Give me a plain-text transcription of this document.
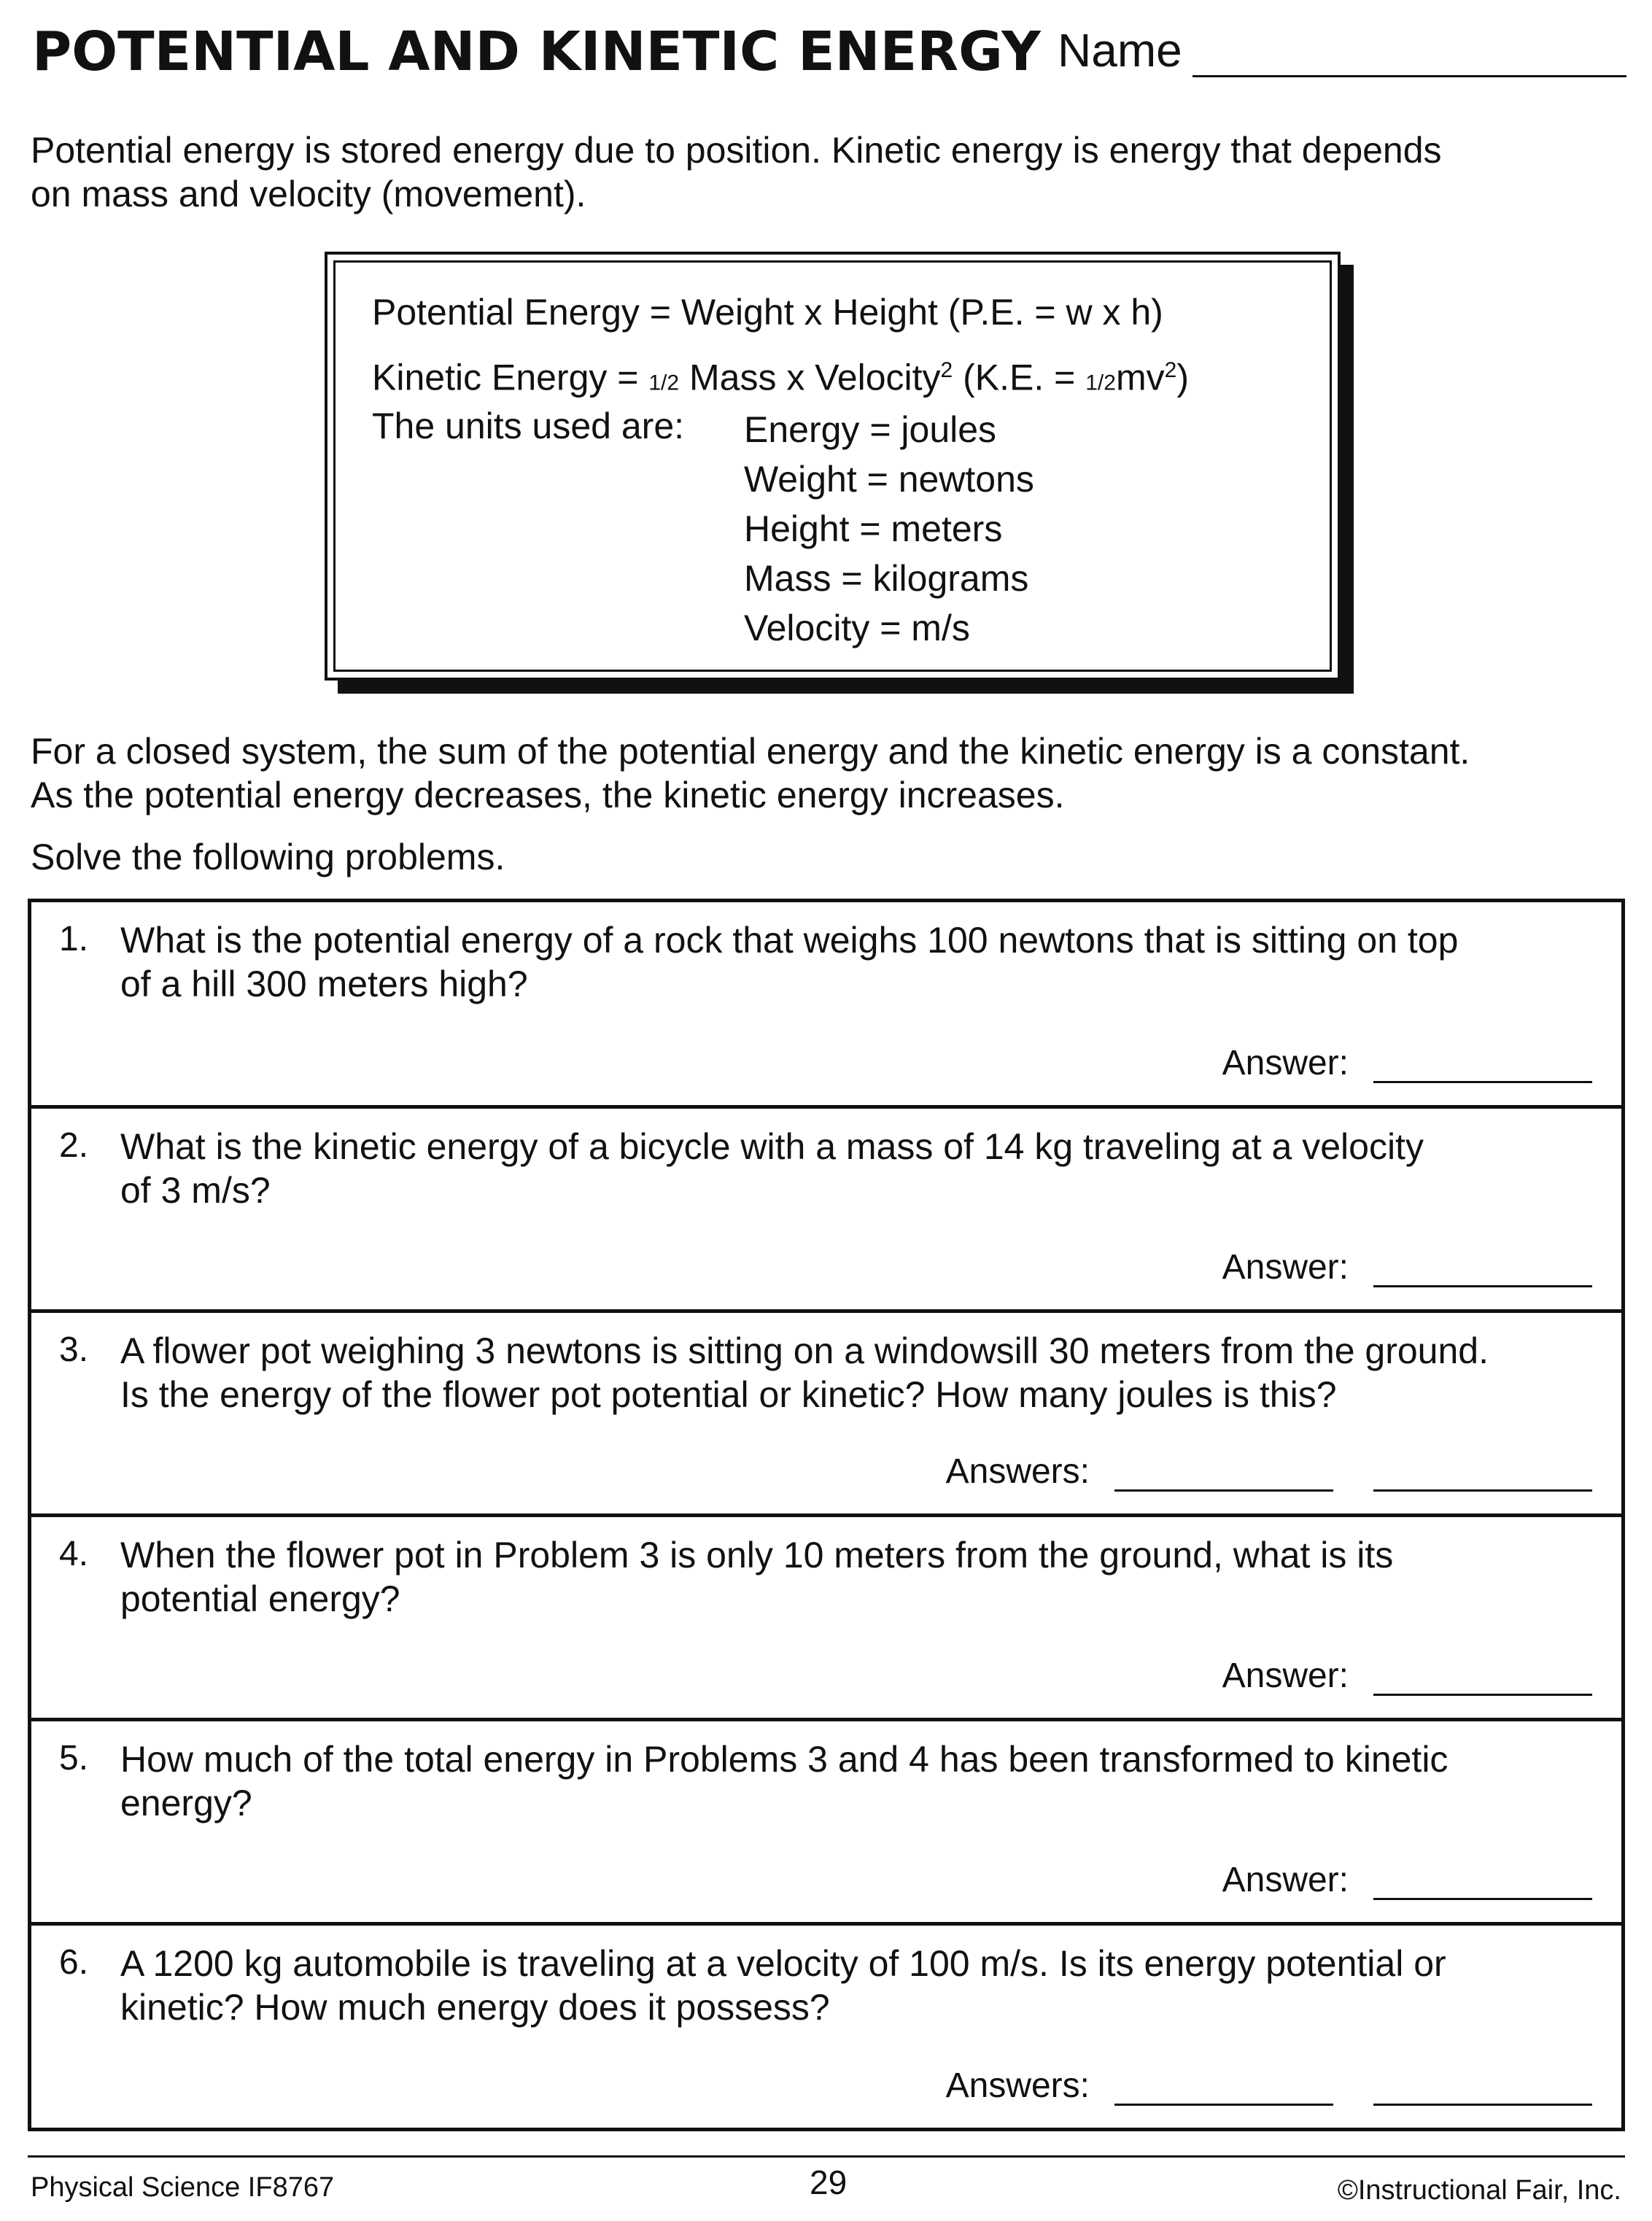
POTENTIAL AND KINETIC ENERGY Name
Potential energy is stored energy due to position. Kinetic energy is energy that depends
on mass and velocity (movement).
Potential Energy = Weight x Height (P.E. = w x h)
Kinetic Energy = 1/2 Mass x Velocity$^2$ (K.E. = $1/2mv^2$)
The units used are: Energy = joules
Weight = newtons
Height = meters
Mass = kilograms
Velocity = m/s
For a closed system, the sum of the potential energy and the kinetic energy is a constant.
As the potential energy decreases, the kinetic energy increases.
Solve the following problems.
1. What is the potential energy of a rock that weighs 100 newtons that is sitting on top
of a hill 300 meters high?
Answer:
2. What is the kinetic energy of a bicycle with a mass of 14 kg traveling at a velocity
of 3 m/s?
Answer:
3. A flower pot weighing 3 newtons is sitting on a windowsill 30 meters from the ground.
Is the energy of the flower pot potential or kinetic? How many joules is this?
Answers:
4. When the flower pot in Problem 3 is only 10 meters from the ground, what is its
potential energy?
Answer:
5. How much of the total energy in Problems 3 and 4 has been transformed to kinetic
energy?
Answer:
6. A 1200 kg automobile is traveling at a velocity of 100 m/s. Is its energy potential or
kinetic? How much energy does it possess?
Answers:
Physical Science IF8767	29	©Instructional Fair, Inc.
